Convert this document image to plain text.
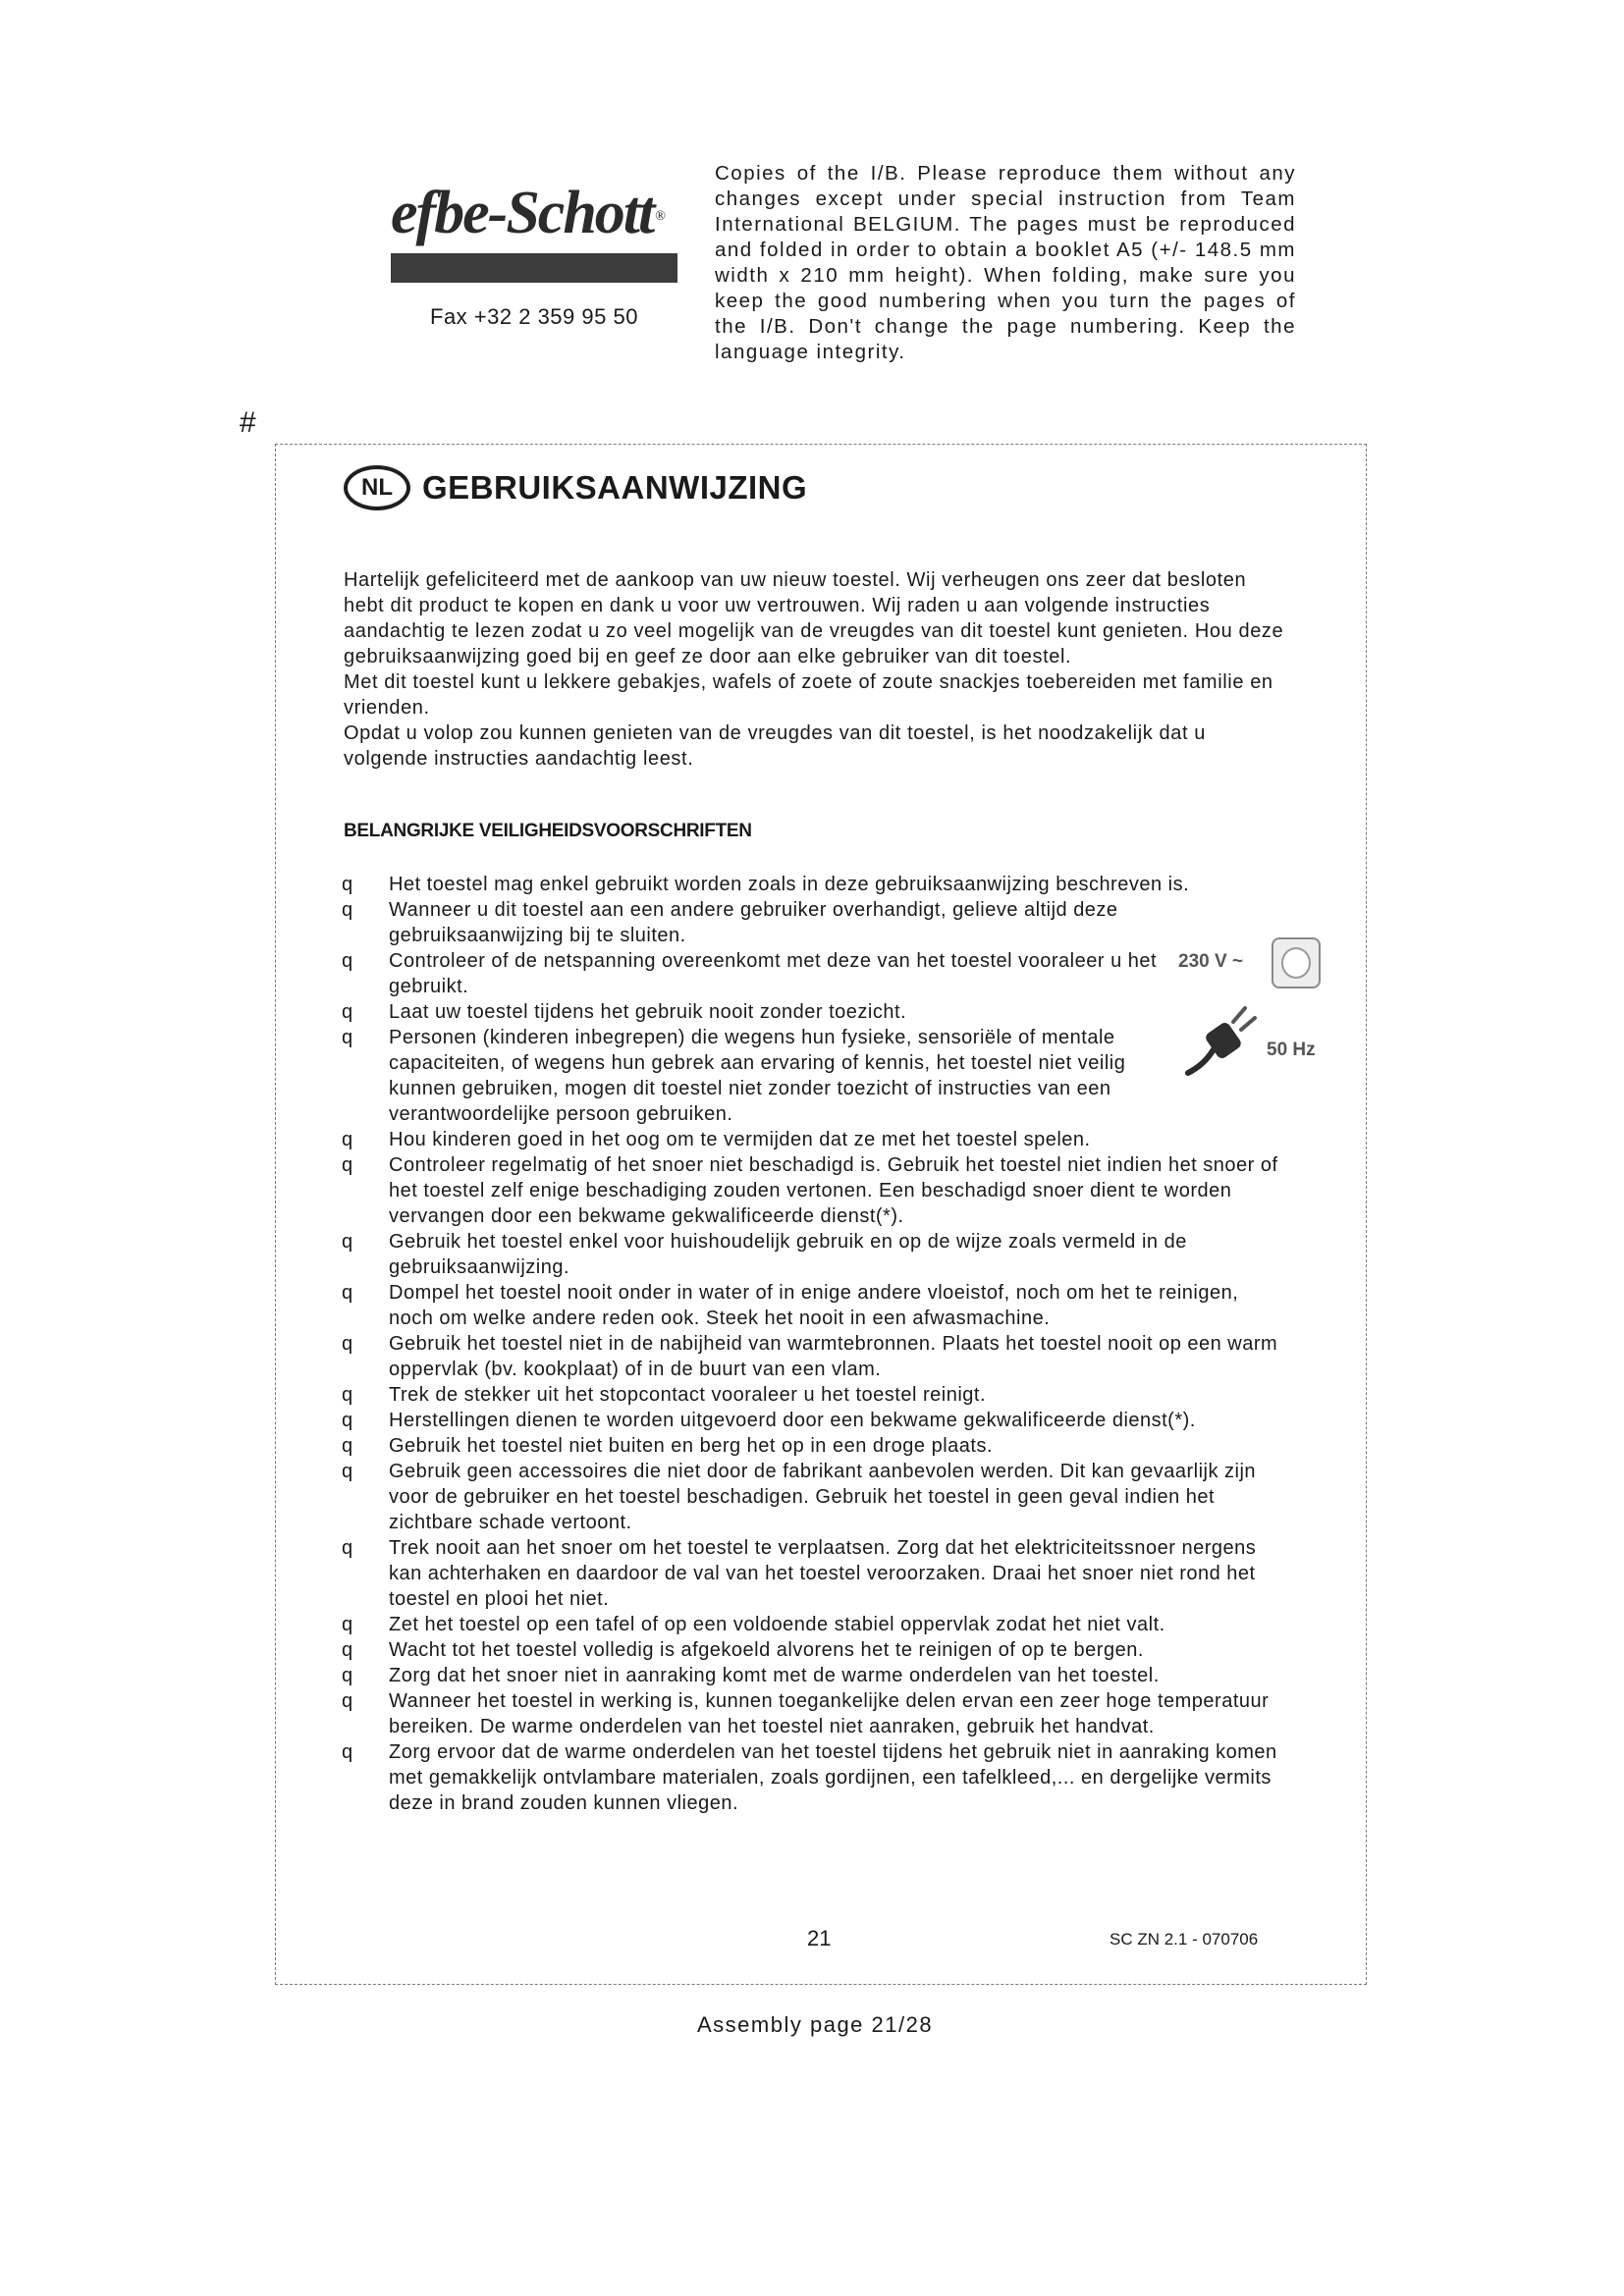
efbe-Schott ®
Fax +32 2 359 95 50
Copies of the I/B. Please reproduce them without any changes except under special instruction from Team International BELGIUM. The pages must be reproduced and folded in order to obtain a booklet A5 (+/- 148.5 mm width x 210 mm height). When folding, make sure you keep the good numbering when you turn the pages of the I/B. Don't change the page numbering. Keep the language integrity.
#
NL GEBRUIKSAANWIJZING

Hartelijk gefeliciteerd met de aankoop van uw nieuw toestel. Wij verheugen ons zeer dat besloten hebt dit product te kopen en dank u voor uw vertrouwen. Wij raden u aan volgende instructies aandachtig te lezen zodat u zo veel mogelijk van de vreugdes van dit toestel kunt genieten. Hou deze gebruiksaanwijzing goed bij en geef ze door aan elke gebruiker van dit toestel.

Met dit toestel kunt u lekkere gebakjes, wafels of zoete of zoute snackjes toebereiden met familie en vrienden.

Opdat u volop zou kunnen genieten van de vreugdes van dit toestel, is het noodzakelijk dat u volgende instructies aandachtig leest.

BELANGRIJKE VEILIGHEIDSVOORSCHRIFTEN
q	Het toestel mag enkel gebruikt worden zoals in deze gebruiksaanwijzing beschreven is.
q	Wanneer u dit toestel aan een andere gebruiker overhandigt, gelieve altijd deze gebruiksaanwijzing bij te sluiten.
q	Controleer of de netspanning overeenkomt met deze van het toestel vooraleer u het gebruikt.
q	Laat uw toestel tijdens het gebruik nooit zonder toezicht.
q	Personen (kinderen inbegrepen) die wegens hun fysieke, sensoriële of mentale capaciteiten, of wegens hun gebrek aan ervaring of kennis, het toestel niet veilig kunnen gebruiken, mogen dit toestel niet zonder toezicht of instructies van een verantwoordelijke persoon gebruiken.
q	Hou kinderen goed in het oog om te vermijden dat ze met het toestel spelen.
q	Controleer regelmatig of het snoer niet beschadigd is. Gebruik het toestel niet indien het snoer of het toestel zelf enige beschadiging zouden vertonen. Een beschadigd snoer dient te worden vervangen door een bekwame gekwalificeerde dienst(*).
q	Gebruik het toestel enkel voor huishoudelijk gebruik en op de wijze zoals vermeld in de gebruiksaanwijzing.
q	Dompel het toestel nooit onder in water of in enige andere vloeistof, noch om het te reinigen, noch om welke andere reden ook. Steek het nooit in een afwasmachine.
q	Gebruik het toestel niet in de nabijheid van warmtebronnen. Plaats het toestel nooit op een warm oppervlak (bv. kookplaat) of in de buurt van een vlam.
q	Trek de stekker uit het stopcontact vooraleer u het toestel reinigt.
q	Herstellingen dienen te worden uitgevoerd door een bekwame gekwalificeerde dienst(*).
q	Gebruik het toestel niet buiten en berg het op in een droge plaats.
q	Gebruik geen accessoires die niet door de fabrikant aanbevolen werden. Dit kan gevaarlijk zijn voor de gebruiker en het toestel beschadigen. Gebruik het toestel in geen geval indien het zichtbare schade vertoont.
q	Trek nooit aan het snoer om het toestel te verplaatsen. Zorg dat het elektriciteitssnoer nergens kan achterhaken en daardoor de val van het toestel veroorzaken. Draai het snoer niet rond het toestel en plooi het niet.
q	Zet het toestel op een tafel of op een voldoende stabiel oppervlak zodat het niet valt.
q	Wacht tot het toestel volledig is afgekoeld alvorens het te reinigen of op te bergen.
q	Zorg dat het snoer niet in aanraking komt met de warme onderdelen van het toestel.
q	Wanneer het toestel in werking is, kunnen toegankelijke delen ervan een zeer hoge temperatuur bereiken. De warme onderdelen van het toestel niet aanraken, gebruik het handvat.
q	Zorg ervoor dat de warme onderdelen van het toestel tijdens het gebruik niet in aanraking komen met gemakkelijk ontvlambare materialen, zoals gordijnen, een tafelkleed,... en dergelijke vermits deze in brand zouden kunnen vliegen.
230 V ~
50 Hz
21	SC ZN 2.1 - 070706
Assembly page 21/28
